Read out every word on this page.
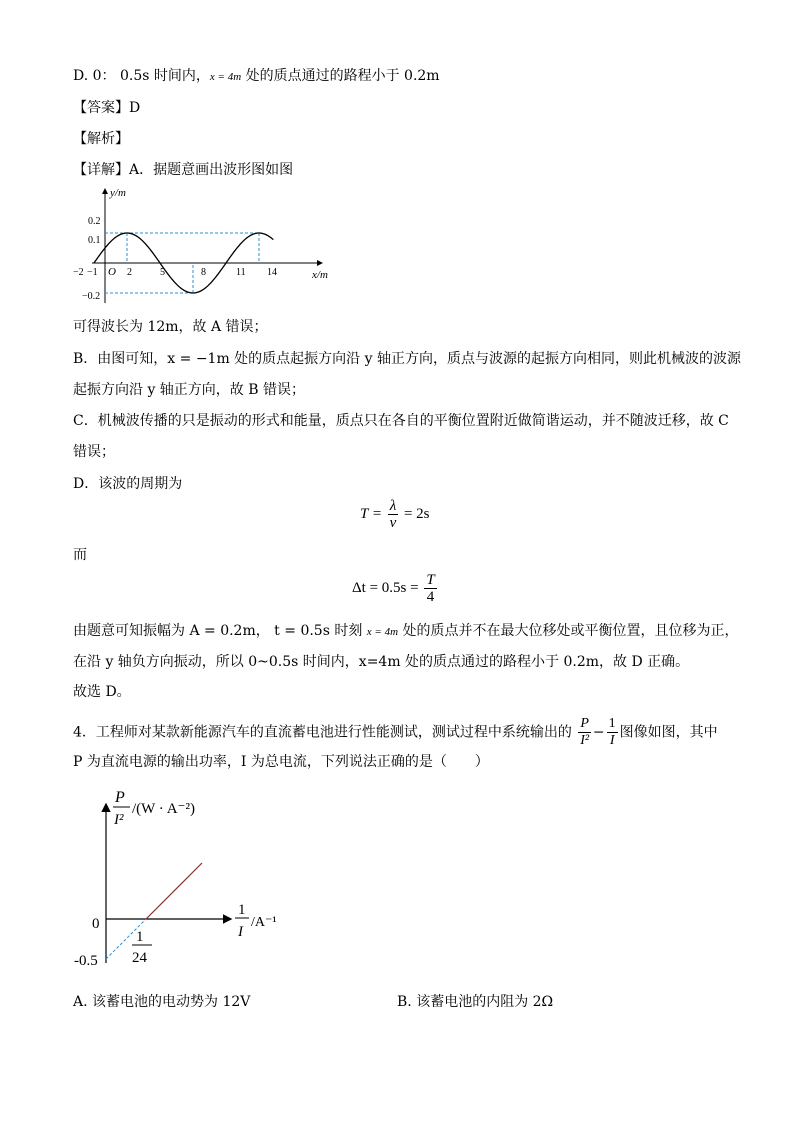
D. 0： 0.5s 时间内，x = 4m 处的质点通过的路程小于 0.2m
【答案】D
【解析】
【详解】A．据题意画出波形图如图
y/m
x/m
O
−2 −1	2	5	8	11 14
0.2
0.1
−0.2
可得波长为 12m，故 A 错误；
B．由图可知，x = −1m 处的质点起振方向沿 y 轴正方向，质点与波源的起振方向相同，则此机械波的波源
起振方向沿 y 轴正方向，故 B 错误；
C．机械波传播的只是振动的形式和能量，质点只在各自的平衡位置附近做简谐运动，并不随波迁移，故 C
错误；
D．该波的周期为
$T = \frac{\lambda}{v} = 2s$
而
$\Delta t = 0.5s = \frac{T}{4}$
由题意可知振幅为 A = 0.2m， t = 0.5s 时刻 x = 4m 处的质点并不在最大位移处或平衡位置，且位移为正，
在沿 y 轴负方向振动，所以 0~0.5s 时间内，x=4m 处的质点通过的路程小于 0.2m，故 D 正确。
故选 D。
4．工程师对某款新能源汽车的直流蓄电池进行性能测试，测试过程中系统输出的 $\frac{P}{\text{I²}} - \frac{1}{I}$ 图像如图，其中
P 为直流电源的输出功率，I 为总电流，下列说法正确的是（　　）
P
I²
/(W · A⁻²)
1
I
/A⁻¹
0
-0.5
1
24
A. 该蓄电池的电动势为 12V	B. 该蓄电池的内阻为 2Ω
